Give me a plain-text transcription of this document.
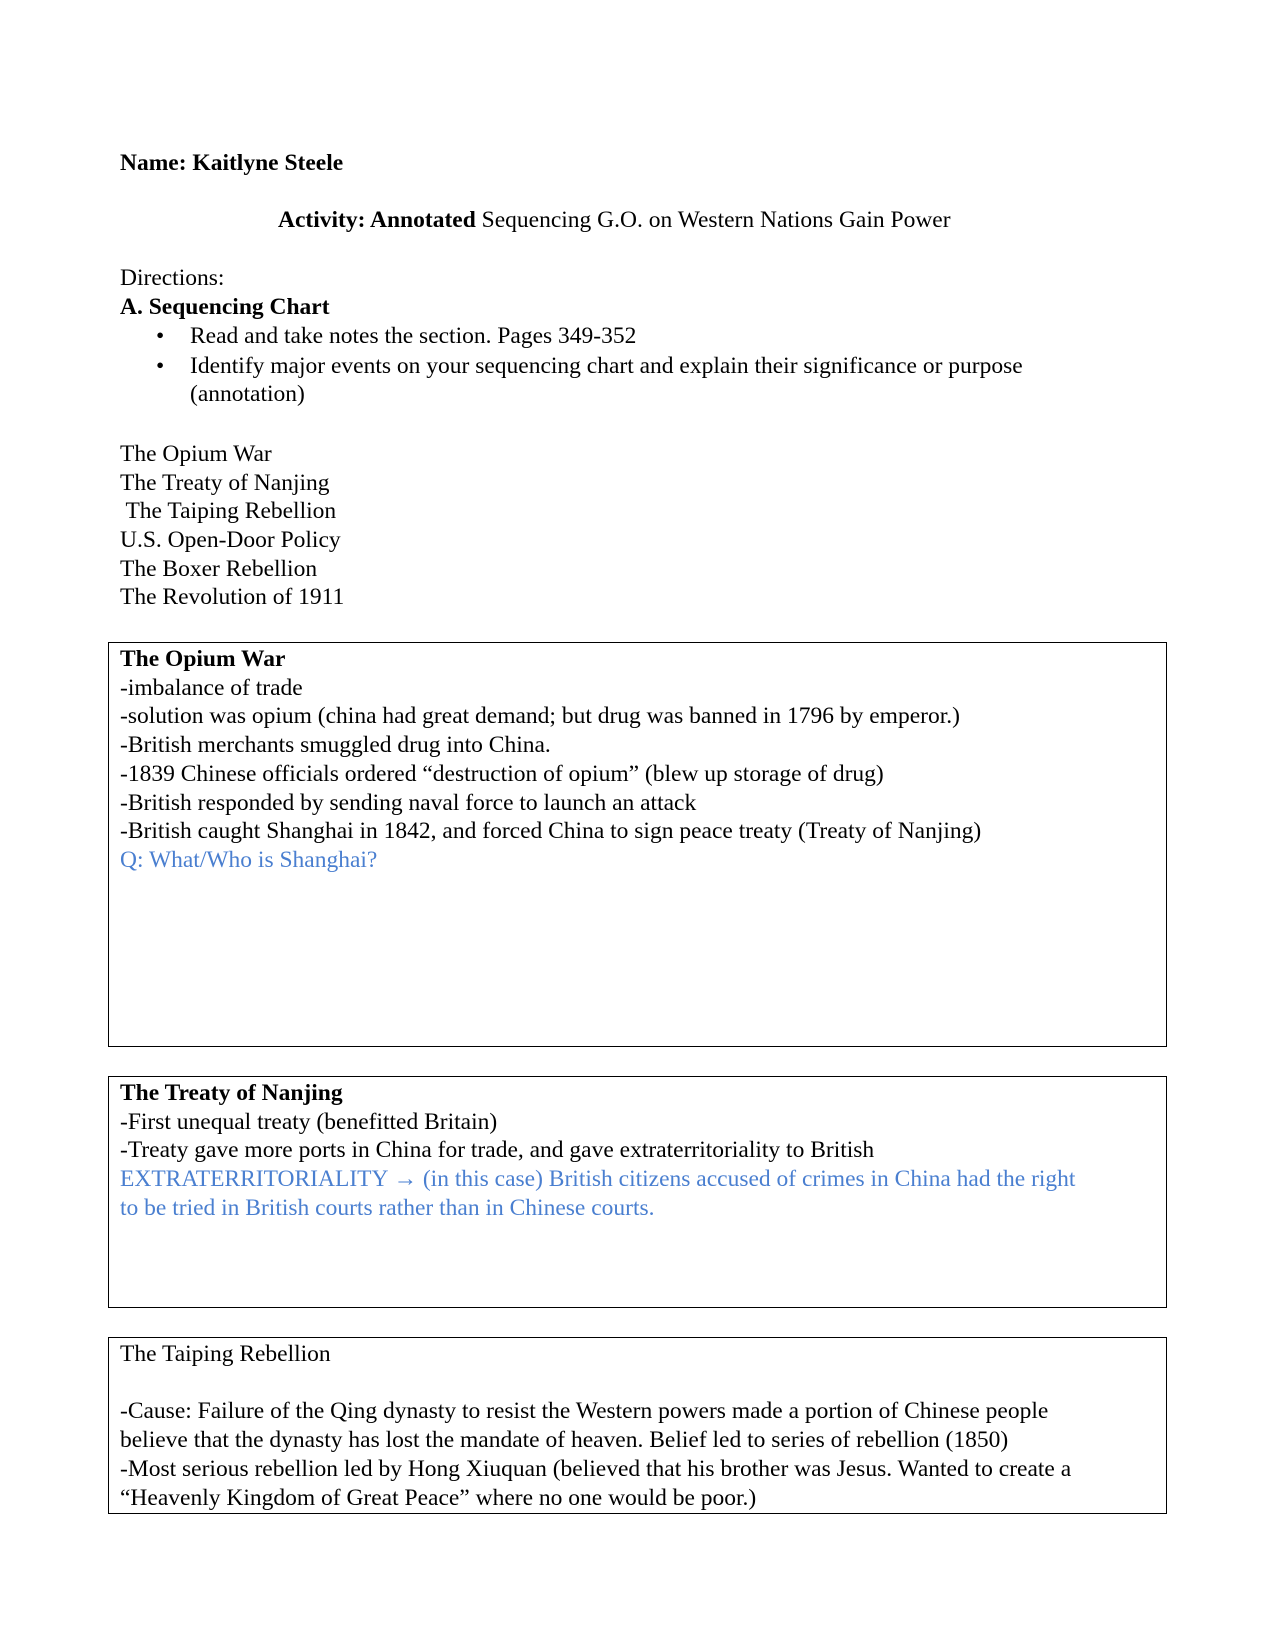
Name: Kaitlyne Steele
Activity: Annotated Sequencing G.O. on Western Nations Gain Power
Directions:
A. Sequencing Chart
• Read and take notes the section. Pages 349-352
• Identify major events on your sequencing chart and explain their significance or purpose
(annotation)
The Opium War
The Treaty of Nanjing
The Taiping Rebellion
U.S. Open-Door Policy
The Boxer Rebellion
The Revolution of 1911
The Opium War
-imbalance of trade
-solution was opium (china had great demand; but drug was banned in 1796 by emperor.)
-British merchants smuggled drug into China.
-1839 Chinese officials ordered “destruction of opium” (blew up storage of drug)
-British responded by sending naval force to launch an attack
-British caught Shanghai in 1842, and forced China to sign peace treaty (Treaty of Nanjing)
Q: What/Who is Shanghai?
The Treaty of Nanjing
-First unequal treaty (benefitted Britain)
-Treaty gave more ports in China for trade, and gave extraterritoriality to British
EXTRATERRITORIALITY → (in this case) British citizens accused of crimes in China had the right
to be tried in British courts rather than in Chinese courts.
The Taiping Rebellion
-Cause: Failure of the Qing dynasty to resist the Western powers made a portion of Chinese people
believe that the dynasty has lost the mandate of heaven. Belief led to series of rebellion (1850)
-Most serious rebellion led by Hong Xiuquan (believed that his brother was Jesus. Wanted to create a
“Heavenly Kingdom of Great Peace” where no one would be poor.)
